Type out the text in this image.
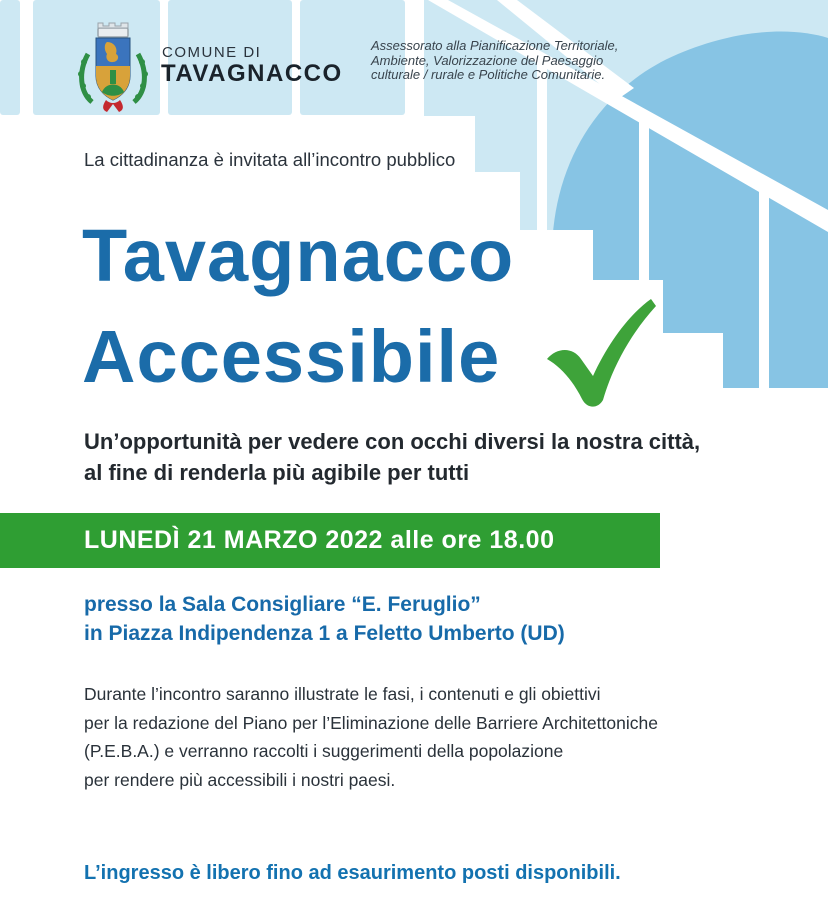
COMUNE DI
TAVAGNACCO
Assessorato alla Pianificazione Territoriale,
Ambiente, Valorizzazione del Paesaggio
culturale / rurale e Politiche Comunitarie.
La cittadinanza è invitata all’incontro pubblico
Tavagnacco
Accessibile
Un’opportunità per vedere con occhi diversi la nostra città,
al fine di renderla più agibile per tutti
LUNEDÌ 21 MARZO 2022 alle ore 18.00
presso la Sala Consigliare “E. Feruglio”
in Piazza Indipendenza 1 a Feletto Umberto (UD)
Durante l’incontro saranno illustrate le fasi, i contenuti e gli obiettivi
per la redazione del Piano per l’Eliminazione delle Barriere Architettoniche
(P.E.B.A.) e verranno raccolti i suggerimenti della popolazione
per rendere più accessibili i nostri paesi.
L’ingresso è libero fino ad esaurimento posti disponibili.
